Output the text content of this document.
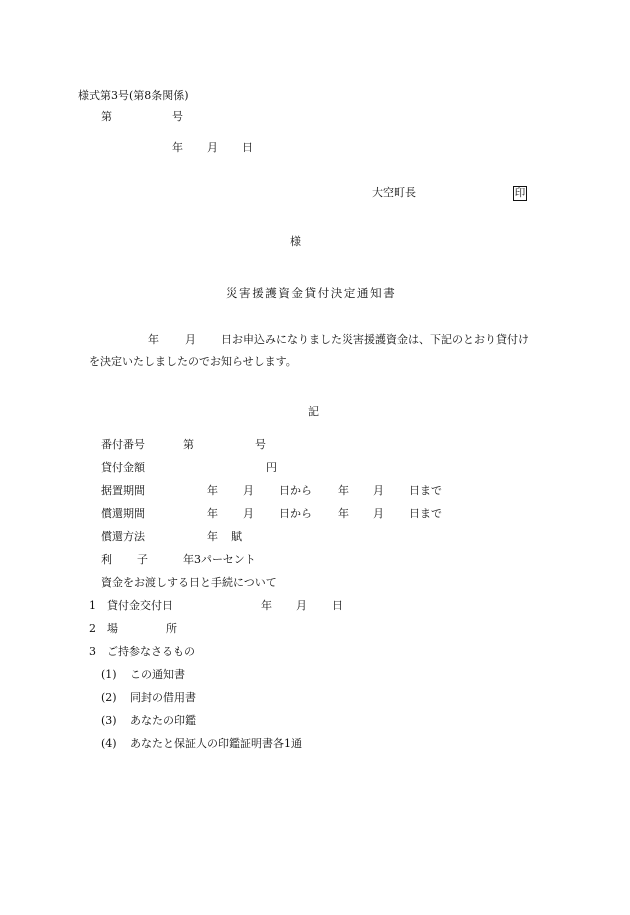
様式第3号(第8条関係)
第	号
年 月 日
大空町長	印
様
災害援護資金貸付決定通知書
年 月 日お申込みになりました災害援護資金は、下記のとおり貸付け
を決定いたしましたのでお知らせします。
記
番付番号	第	号
貸付金額	円
据置期間	年 月 日から 年 月 日まで
償還期間	年 月 日から 年 月 日まで
償還方法	年 賦
利 子	年3パーセント
資金をお渡しする日と手続について
1 貸付金交付日	年 月 日
2 場	所
3 ご持参なさるもの
(1) この通知書
(2) 同封の借用書
(3) あなたの印鑑
(4) あなたと保証人の印鑑証明書各1通
